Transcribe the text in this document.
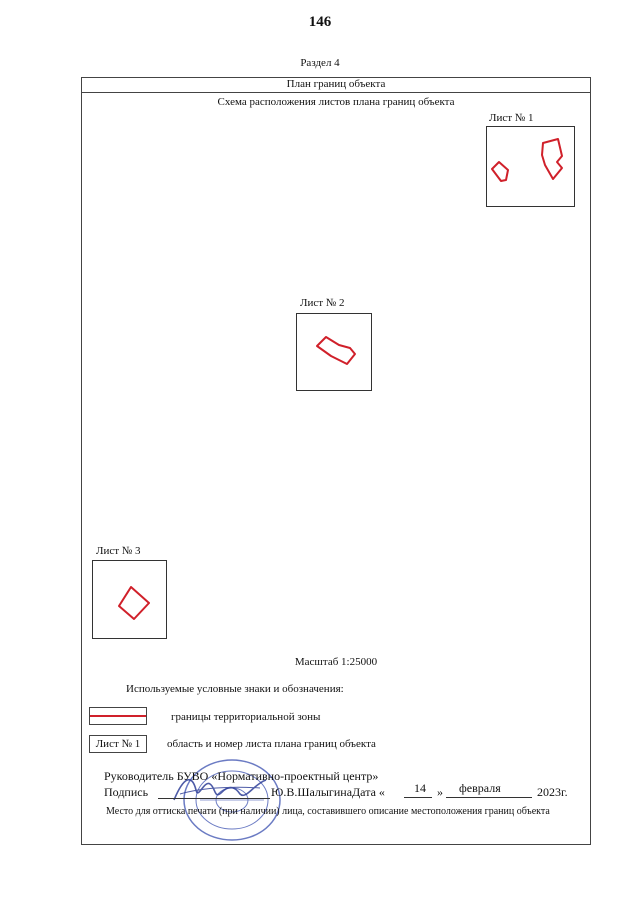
146
Раздел 4
План границ объекта
Схема расположения листов плана границ объекта
Лист № 1
Лист № 2
Лист № 3
Масштаб 1:25000
Используемые условные знаки и обозначения:
границы территориальной зоны
Лист № 1	область и номер листа плана границ объекта
Руководитель БУВО «Нормативно-проектный центр»
Подпись	Ю.В.Шалыгина Дата « 14 » февраля	2023г.
Место для оттиска печати (при наличии) лица, составившего описание местоположения границ объекта
